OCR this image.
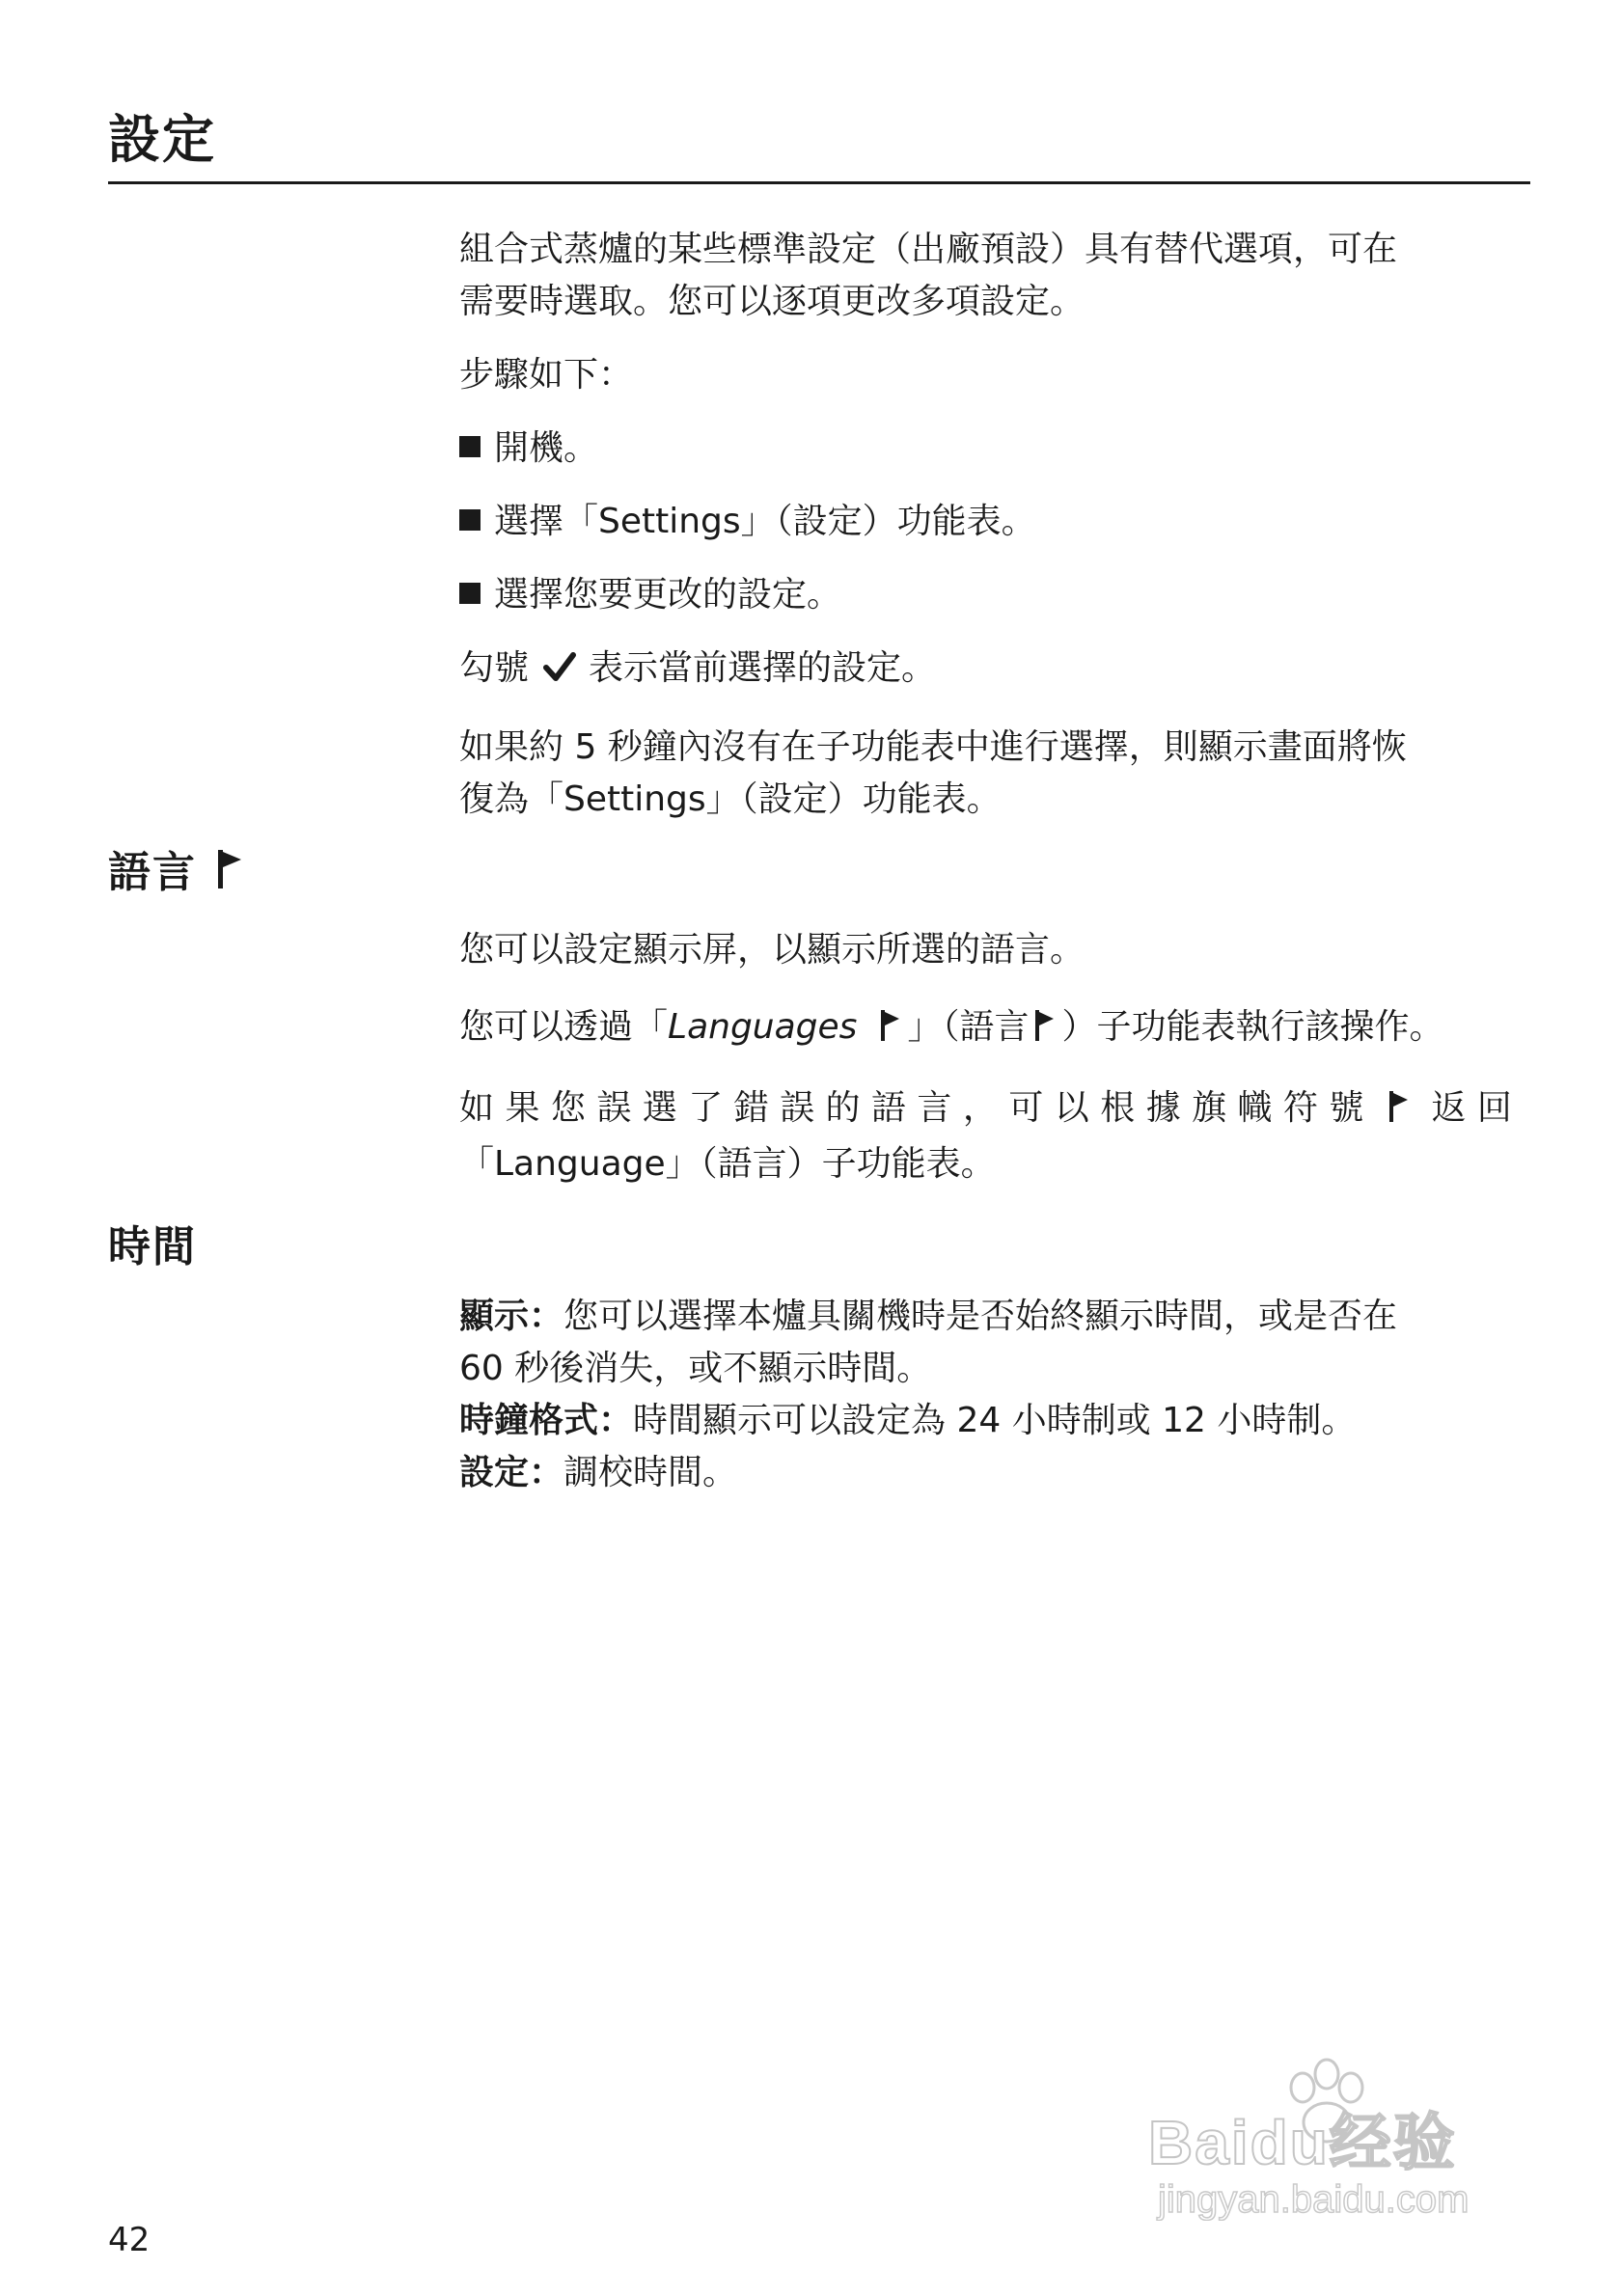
設定

組合式蒸爐的某些標準設定（出廠預設）具有替代選項，可在
需要時選取。您可以逐項更改多項設定。

步驟如下：

開機。

選擇「Settings」（設定）功能表。

選擇您要更改的設定。

勾號 表示當前選擇的設定。

如果約 5 秒鐘內沒有在子功能表中進行選擇，則顯示畫面將恢
復為「Settings」（設定）功能表。

語言

您可以設定顯示屏，以顯示所選的語言。

您可以透過「Languages 」（語言 ）子功能表執行該操作。

如 果 您 誤 選 了 錯 誤 的 語 言 ， 可 以 根 據 旗 幟 符 號 返 回
「Language」（語言）子功能表。

時間

顯示：您可以選擇本爐具關機時是否始終顯示時間，或是否在
60 秒後消失，或不顯示時間。

時鐘格式：時間顯示可以設定為 24 小時制或 12 小時制。

設定：調校時間。

42
Baidu经验
jingyan.baidu.com
